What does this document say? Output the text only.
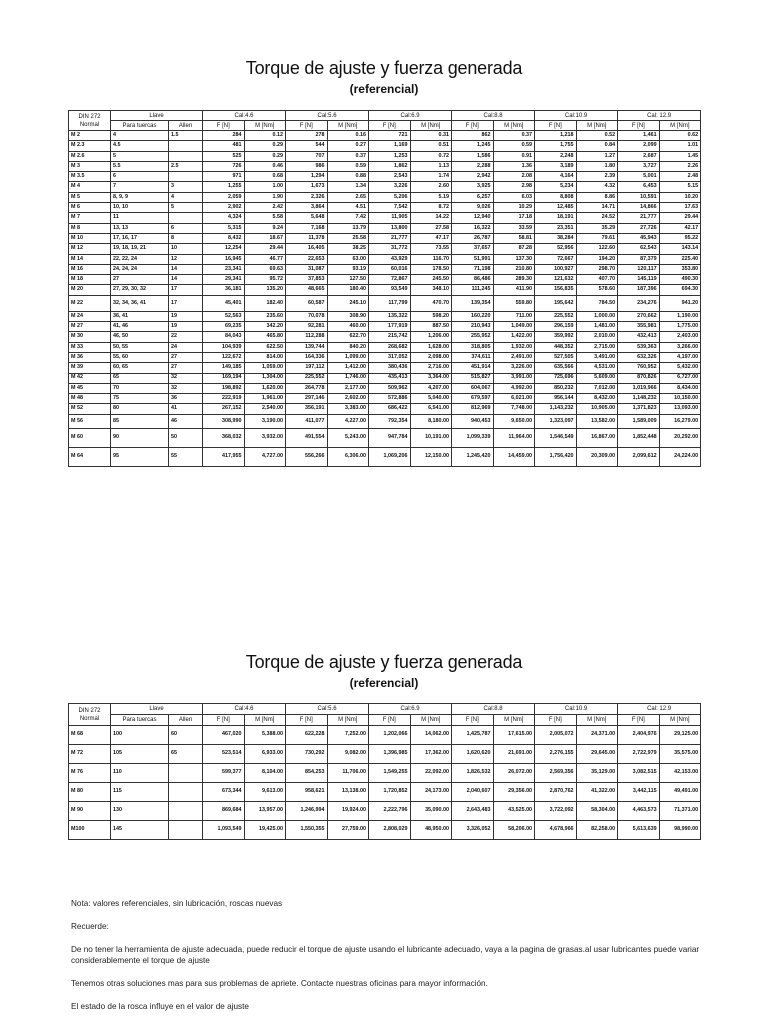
Torque de ajuste y fuerza generada
(referencial)
DIN 272 Normal	Llave		Cal:4.6		Cal:5.6		Cal:6.9		Cal:8.8		Cal:10.9		Cal: 12.9	
	Para tuercas	Allen	F [N]	M [Nm]	F [N]	M [Nm]	F [N]	M [Nm]	F [N]	M [Nm]	F [N]	M [Nm]	F [N]	M [Nm]
M 2	4	1.5	284	0.12	278	0.16	721	0.31	862	0.37	1,218	0.52	1,461	0.62
M 2.3	4.5		481	0.29	544	0.27	1,169	0.51	1,245	0.59	1,755	0.84	2,099	1.01
M 2.6	5		525	0.29	707	0.37	1,253	0.72	1,586	0.91	2,248	1.27	2,687	1.45
M 3	5.5	2.5	726	0.46	986	0.59	1,862	1.13	2,288	1.36	3,189	1.80	3,727	2.26
M 3.5	6		971	0.68	1,294	0.88	2,543	1.74	2,942	2.08	4,164	2.39	5,001	2.48
M 4	7	3	1,255	1.00	1,673	1.34	3,226	2.60	3,925	2.98	5,234	4.32	6,453	5.15
M 5	8, 9, 9	4	2,059	1.90	2,326	2.65	5,206	5.19	6,257	6.03	8,808	8.86	10,591	10.20
M 6	10, 10	5	2,902	2.42	3,864	4.51	7,542	8.72	9,026	10.29	12,485	14.71	14,866	17.63
M 7	11		4,324	5.58	5,648	7.42	11,905	14.22	12,940	17.18	18,191	24.52	21,777	29.44
M 8	13, 13	6	5,315	9.24	7,168	13.79	13,800	27.58	16,322	33.59	23,351	35.29	27,726	42.17
M 10	17, 16, 17	8	8,432	18.67	11,378	25.58	21,777	47.17	26,787	58.81	38,284	79.61	45,943	95.22
M 12	19, 18, 19, 21	10	12,254	29.44	16,405	38.25	31,772	73.55	37,657	87.28	52,956	122.60	62,543	143.14
M 14	22, 22, 24	12	16,945	46.77	22,653	63.00	43,929	116.70	51,991	137.30	72,667	194.20	87,379	225.40
M 16	24, 24, 24	14	23,341	69.63	31,087	93.19	60,016	178.50	71,198	210.80	100,927	298.70	120,117	353.80
M 18	27	14	29,341	95.72	37,853	127.50	72,867	245.50	86,486	289.30	121,632	407.70	145,119	490.30
M 20	27, 29, 30, 32	17	36,181	135.20	48,665	180.40	93,549	348.10	111,245	411.90	156,835	578.60	187,396	694.30
M 22	32, 34, 36, 41	17	45,401	182.40	60,587	245.10	117,799	470.70	139,354	559.80	195,642	784.50	234,276	941.20
M 24	36, 41	19	52,563	235.60	70,078	308.90	135,322	598.20	160,220	711.00	225,552	1,000.00	270,662	1,190.00
M 27	41, 46	19	69,235	342.20	92,281	460.00	177,919	887.50	210,943	1,049.00	296,159	1,481.00	355,981	1,775.00
M 30	46, 50	22	84,043	465.80	112,288	622.70	215,742	1,206.00	255,952	1,422.00	359,992	2,010.00	432,413	2,403.00
M 33	50, 55	24	104,939	622.50	139,744	840.20	268,682	1,628.00	318,805	1,932.00	448,352	2,715.00	539,363	3,266.00
M 36	55, 60	27	122,672	814.00	164,336	1,099.00	317,052	2,098.00	374,611	2,491.00	527,505	3,491.00	632,326	4,197.00
M 39	60, 65	27	149,185	1,059.00	197,112	1,412.00	380,436	2,716.00	451,914	3,226.00	635,566	4,531.00	760,952	5,432.00
M 42	65	32	169,194	1,304.00	225,552	1,746.00	435,413	3,364.00	515,827	3,991.00	725,696	5,609.00	870,826	6,727.00
M 45	70	32	198,892	1,620.00	264,778	2,177.00	509,962	4,207.00	604,067	4,992.00	850,232	7,012.00	1,019,966	8,434.00
M 48	75	36	222,919	1,961.00	297,146	2,602.00	572,886	5,040.00	679,597	6,021.00	956,144	8,432.00	1,148,232	10,150.00
M 52	80	41	267,152	2,540.00	356,191	3,383.00	686,422	6,541.00	812,969	7,748.00	1,143,232	10,905.00	1,371,823	13,093.00
M 56	85	46	308,990	3,190.00	411,077	4,227.00	792,354	8,180.00	940,453	9,650.00	1,323,097	13,582.00	1,589,009	16,279.00
M 60	90	50	368,032	3,932.00	491,554	5,243.00	947,784	10,191.00	1,099,339	11,964.00	1,546,549	16,867.00	1,852,448	20,292.00
M 64	95	55	417,955	4,727.00	556,266	6,306.00	1,069,206	12,150.00	1,245,420	14,459.00	1,756,420	20,309.00	2,099,612	24,224.00
Torque de ajuste y fuerza generada
(referencial)
DIN 272 Normal	Llave		Cal:4.6		Cal:5.6		Cal:6.9		Cal:8.8		Cal:10.9		Cal: 12.9	
	Para tuercas	Allen	F [N]	M [Nm]	F [N]	M [Nm]	F [N]	M [Nm]	F [N]	M [Nm]	F [N]	M [Nm]	F [N]	M [Nm]
M 68	100	60	467,020	5,388.00	622,228	7,252.00	1,202,066	14,062.00	1,425,787	17,615.00	2,005,072	24,371.00	2,404,976	29,125.00
M 72	105	65	523,514	6,933.00	730,292	9,082.00	1,396,985	17,362.00	1,620,620	21,691.00	2,276,155	29,645.00	2,722,979	35,575.00
M 76	110		599,377	8,104.00	854,253	11,706.00	1,549,255	22,092.00	1,826,532	26,072.00	2,569,356	35,129.00	3,082,515	42,153.00
M 80	115		673,344	9,613.00	958,621	13,138.00	1,720,852	24,173.00	2,040,607	29,356.00	2,870,762	41,322.00	3,442,115	49,491.00
M 90	130		869,684	13,957.00	1,246,994	19,924.00	2,222,796	35,090.00	2,643,483	43,525.00	3,722,092	58,304.00	4,463,573	71,371.00
M100	145		1,093,549	19,425.00	1,550,355	27,759.00	2,808,029	48,950.00	3,326,052	58,206.00	4,678,966	82,258.00	5,613,639	98,990.00

Nota: valores referenciales, sin lubricación, roscas nuevas

Recuerde:

De no tener la herramienta de ajuste adecuada, puede reducir el torque de ajuste usando el lubricante adecuado, vaya a la pagina de grasas.al usar lubricantes puede variar considerablemente el torque de ajuste

Tenemos otras soluciones mas para sus problemas de apriete. Contacte nuestras oficinas para mayor información.

El estado de la rosca influye en el valor de ajuste
